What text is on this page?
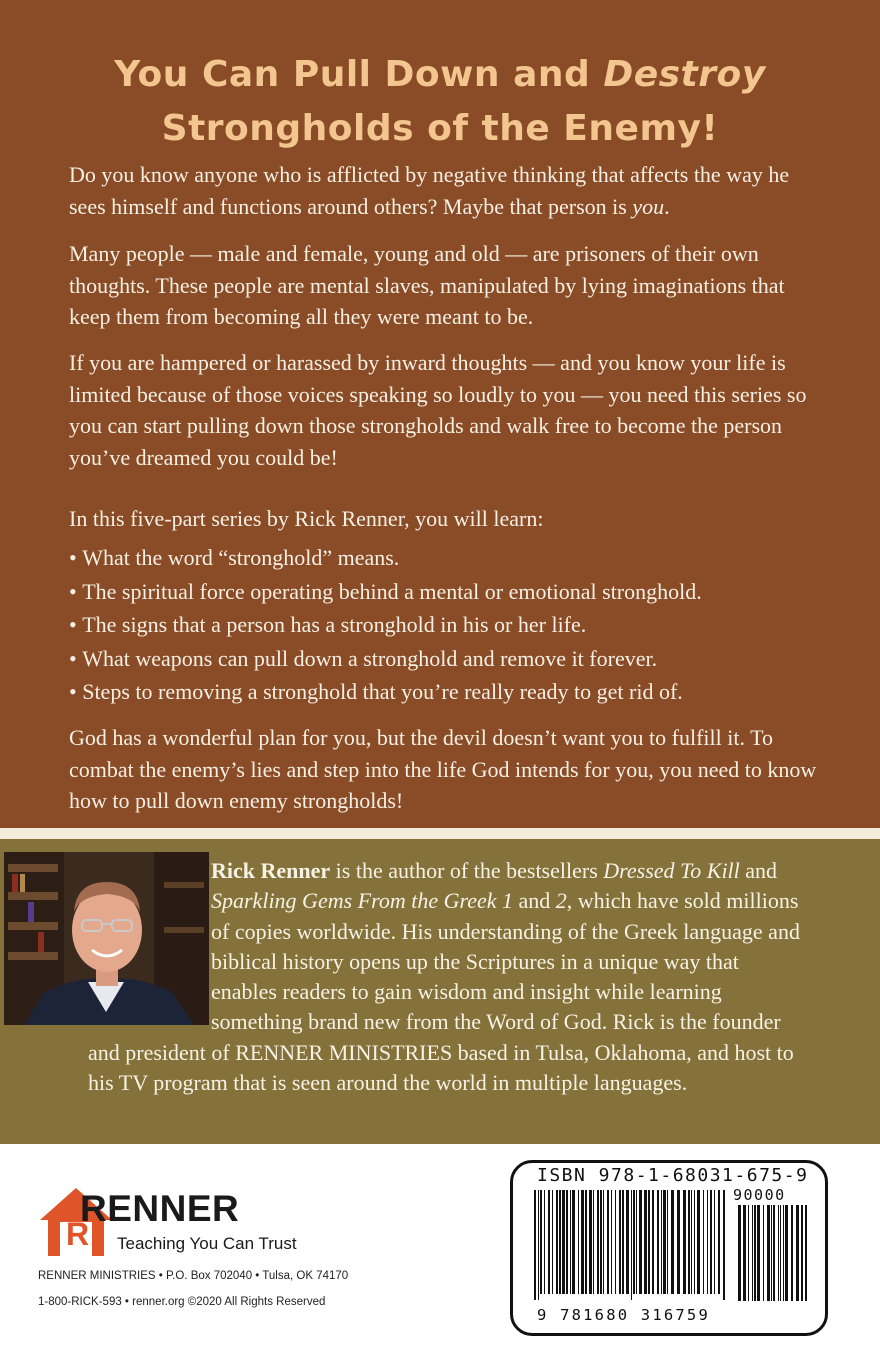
You Can Pull Down and Destroy
Strongholds of the Enemy!

Do you know anyone who is afflicted by negative thinking that affects the way he sees himself and functions around others? Maybe that person is you.

Many people — male and female, young and old — are prisoners of their own thoughts. These people are mental slaves, manipulated by lying imaginations that keep them from becoming all they were meant to be.

If you are hampered or harassed by inward thoughts — and you know your life is limited because of those voices speaking so loudly to you — you need this series so you can start pulling down those strongholds and walk free to become the person you’ve dreamed you could be!

In this five-part series by Rick Renner, you will learn:

• What the word “stronghold” means.
• The spiritual force operating behind a mental or emotional stronghold.
• The signs that a person has a stronghold in his or her life.
• What weapons can pull down a stronghold and remove it forever.
• Steps to removing a stronghold that you’re really ready to get rid of.

God has a wonderful plan for you, but the devil doesn’t want you to fulfill it. To combat the enemy’s lies and step into the life God intends for you, you need to know how to pull down enemy strongholds!

Rick Renner is the author of the bestsellers Dressed To Kill and Sparkling Gems From the Greek 1 and 2, which have sold millions of copies worldwide. His understanding of the Greek language and biblical history opens up the Scriptures in a unique way that enables readers to gain wisdom and insight while learning something brand new from the Word of God. Rick is the founder and president of RENNER MINISTRIES based in Tulsa, Oklahoma, and host to his TV program that is seen around the world in multiple languages.

R
RENNER
Teaching You Can Trust
RENNER MINISTRIES • P.O. Box 702040 • Tulsa, OK 74170
1-800-RICK-593 • renner.org ©2020 All Rights Reserved
ISBN 978-1-68031-675-9
90000
9 781680 316759
